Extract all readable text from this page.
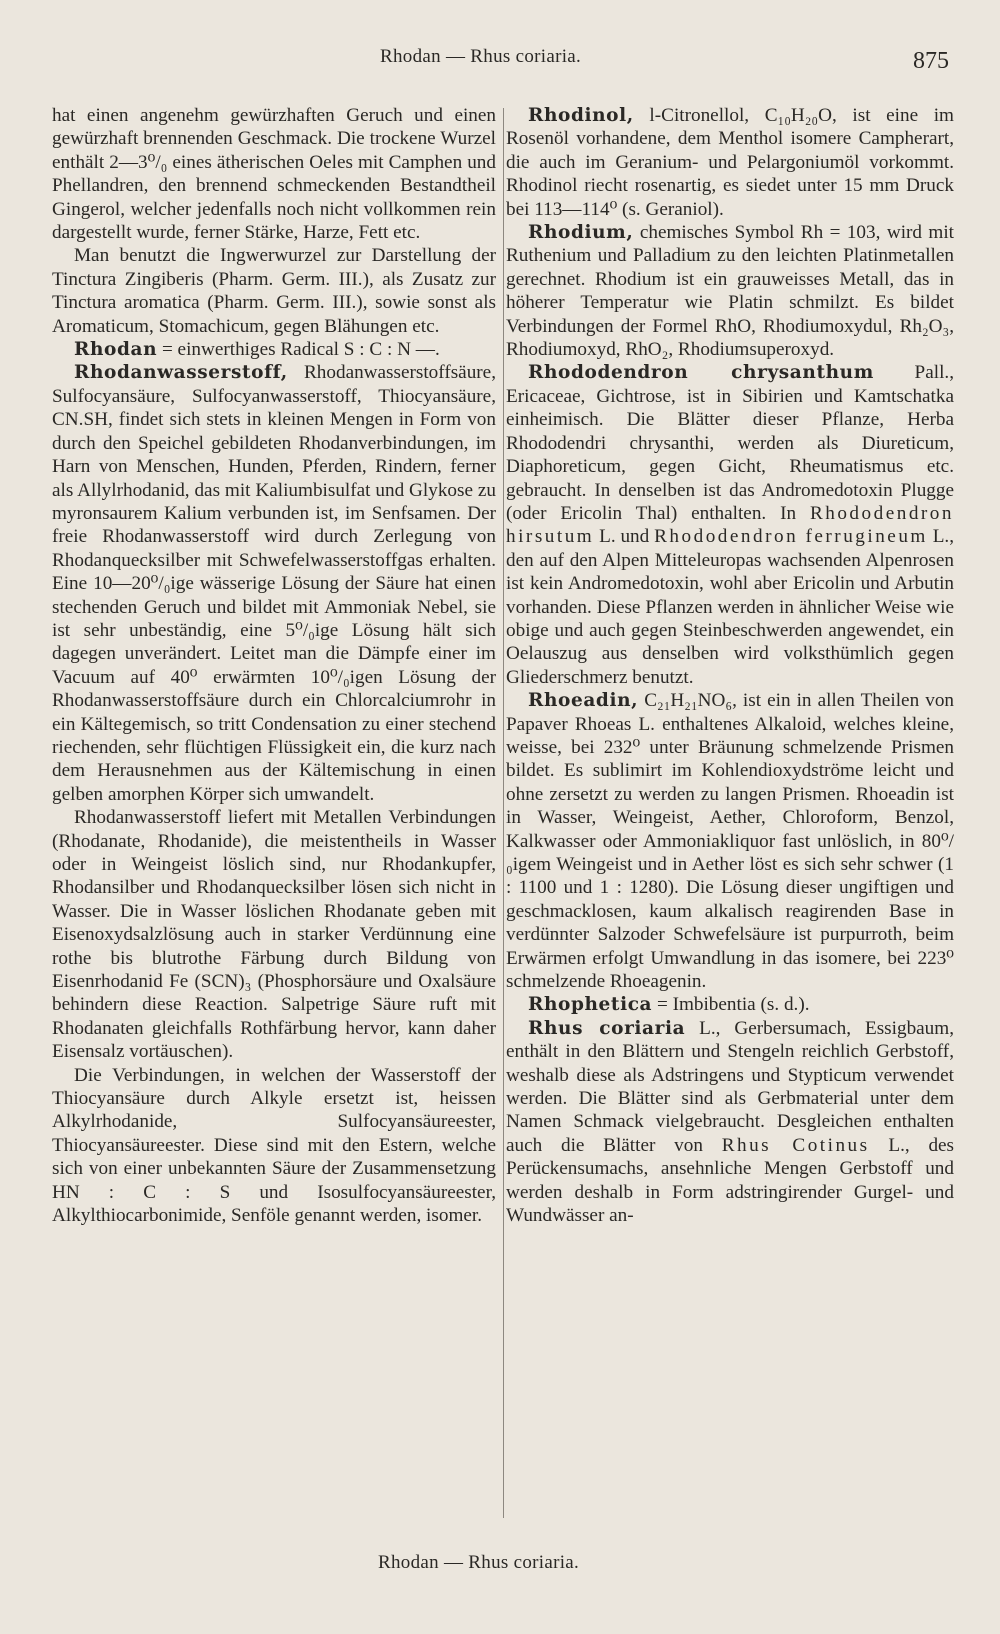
Rhodan — Rhus coriaria.	875

hat einen angenehm gewürzhaften Geruch und einen gewürzhaft brennenden Geschmack. Die trockene Wurzel enthält 2—3⁰/₀ eines ätherischen Oeles mit Camphen und Phellandren, den brennend schmeckenden Bestandtheil Gingerol, welcher jedenfalls noch nicht vollkommen rein dargestellt wurde, ferner Stärke, Harze, Fett etc.

Man benutzt die Ingwerwurzel zur Darstellung der Tinctura Zingiberis (Pharm. Germ. III.), als Zusatz zur Tinctura aromatica (Pharm. Germ. III.), sowie sonst als Aromaticum, Stomachicum, gegen Blähungen etc.

Rhodan = einwerthiges Radical S : C : N —.

Rhodanwasserstoff, Rhodanwasserstoffsäure, Sulfocyansäure, Sulfocyanwasserstoff, Thiocyansäure, CN.SH, findet sich stets in kleinen Mengen in Form von durch den Speichel gebildeten Rhodanverbindungen, im Harn von Menschen, Hunden, Pferden, Rindern, ferner als Allylrhodanid, das mit Kaliumbisulfat und Glykose zu myronsaurem Kalium verbunden ist, im Senfsamen. Der freie Rhodanwasserstoff wird durch Zerlegung von Rhodanquecksilber mit Schwefelwasserstoffgas erhalten. Eine 10—20⁰/₀ige wässerige Lösung der Säure hat einen stechenden Geruch und bildet mit Ammoniak Nebel, sie ist sehr unbeständig, eine 5⁰/₀ige Lösung hält sich dagegen unverändert. Leitet man die Dämpfe einer im Vacuum auf 40⁰ erwärmten 10⁰/₀igen Lösung der Rhodanwasserstoffsäure durch ein Chlorcalciumrohr in ein Kältegemisch, so tritt Condensation zu einer stechend riechenden, sehr flüchtigen Flüssigkeit ein, die kurz nach dem Herausnehmen aus der Kältemischung in einen gelben amorphen Körper sich umwandelt.

Rhodanwasserstoff liefert mit Metallen Verbindungen (Rhodanate, Rhodanide), die meistentheils in Wasser oder in Weingeist löslich sind, nur Rhodankupfer, Rhodansilber und Rhodanquecksilber lösen sich nicht in Wasser. Die in Wasser löslichen Rhodanate geben mit Eisenoxydsalzlösung auch in starker Verdünnung eine rothe bis blutrothe Färbung durch Bildung von Eisenrhodanid Fe (SCN)₃ (Phosphorsäure und Oxalsäure behindern diese Reaction. Salpetrige Säure ruft mit Rhodanaten gleichfalls Rothfärbung hervor, kann daher Eisensalz vortäuschen).

Die Verbindungen, in welchen der Wasserstoff der Thiocyansäure durch Alkyle ersetzt ist, heissen Alkylrhodanide, Sulfocyansäureester, Thiocyansäureester. Diese sind mit den Estern, welche sich von einer unbekannten Säure der Zusammensetzung HN : C : S und Isosulfocyansäureester, Alkylthiocarbonimide, Senföle genannt werden, isomer.

Rhodinol, l-Citronellol, C₁₀H₂₀O, ist eine im Rosenöl vorhandene, dem Menthol isomere Campherart, die auch im Geranium- und Pelargoniumöl vorkommt. Rhodinol riecht rosenartig, es siedet unter 15 mm Druck bei 113—114⁰ (s. Geraniol).

Rhodium, chemisches Symbol Rh = 103, wird mit Ruthenium und Palladium zu den leichten Platinmetallen gerechnet. Rhodium ist ein grauweisses Metall, das in höherer Temperatur wie Platin schmilzt. Es bildet Verbindungen der Formel RhO, Rhodiumoxydul, Rh₂O₃, Rhodiumoxyd, RhO₂, Rhodiumsuperoxyd.

Rhododendron chrysanthum Pall., Ericaceae, Gichtrose, ist in Sibirien und Kamtschatka einheimisch. Die Blätter dieser Pflanze, Herba Rhododendri chrysanthi, werden als Diureticum, Diaphoreticum, gegen Gicht, Rheumatismus etc. gebraucht. In denselben ist das Andromedotoxin Plugge (oder Ericolin Thal) enthalten. In Rhododendron hirsutum L. und Rhododendron ferrugineum L., den auf den Alpen Mitteleuropas wachsenden Alpenrosen ist kein Andromedotoxin, wohl aber Ericolin und Arbutin vorhanden. Diese Pflanzen werden in ähnlicher Weise wie obige und auch gegen Steinbeschwerden angewendet, ein Oelauszug aus denselben wird volksthümlich gegen Gliederschmerz benutzt.

Rhoeadin, C₂₁H₂₁NO₆, ist ein in allen Theilen von Papaver Rhoeas L. enthaltenes Alkaloid, welches kleine, weisse, bei 232⁰ unter Bräunung schmelzende Prismen bildet. Es sublimirt im Kohlendioxydströme leicht und ohne zersetzt zu werden zu langen Prismen. Rhoeadin ist in Wasser, Weingeist, Aether, Chloroform, Benzol, Kalkwasser oder Ammoniakliquor fast unlöslich, in 80⁰/₀igem Weingeist und in Aether löst es sich sehr schwer (1 : 1100 und 1 : 1280). Die Lösung dieser ungiftigen und geschmacklosen, kaum alkalisch reagirenden Base in verdünnter Salzoder Schwefelsäure ist purpurroth, beim Erwärmen erfolgt Umwandlung in das isomere, bei 223⁰ schmelzende Rhoeagenin.

Rhophetica = Imbibentia (s. d.).

Rhus coriaria L., Gerbersumach, Essigbaum, enthält in den Blättern und Stengeln reichlich Gerbstoff, weshalb diese als Adstringens und Stypticum verwendet werden. Die Blätter sind als Gerbmaterial unter dem Namen Schmack vielgebraucht. Desgleichen enthalten auch die Blätter von Rhus Cotinus L., des Perückensumachs, ansehnliche Mengen Gerbstoff und werden deshalb in Form adstringirender Gurgel- und Wundwässer an-

Rhodan — Rhus coriaria.
